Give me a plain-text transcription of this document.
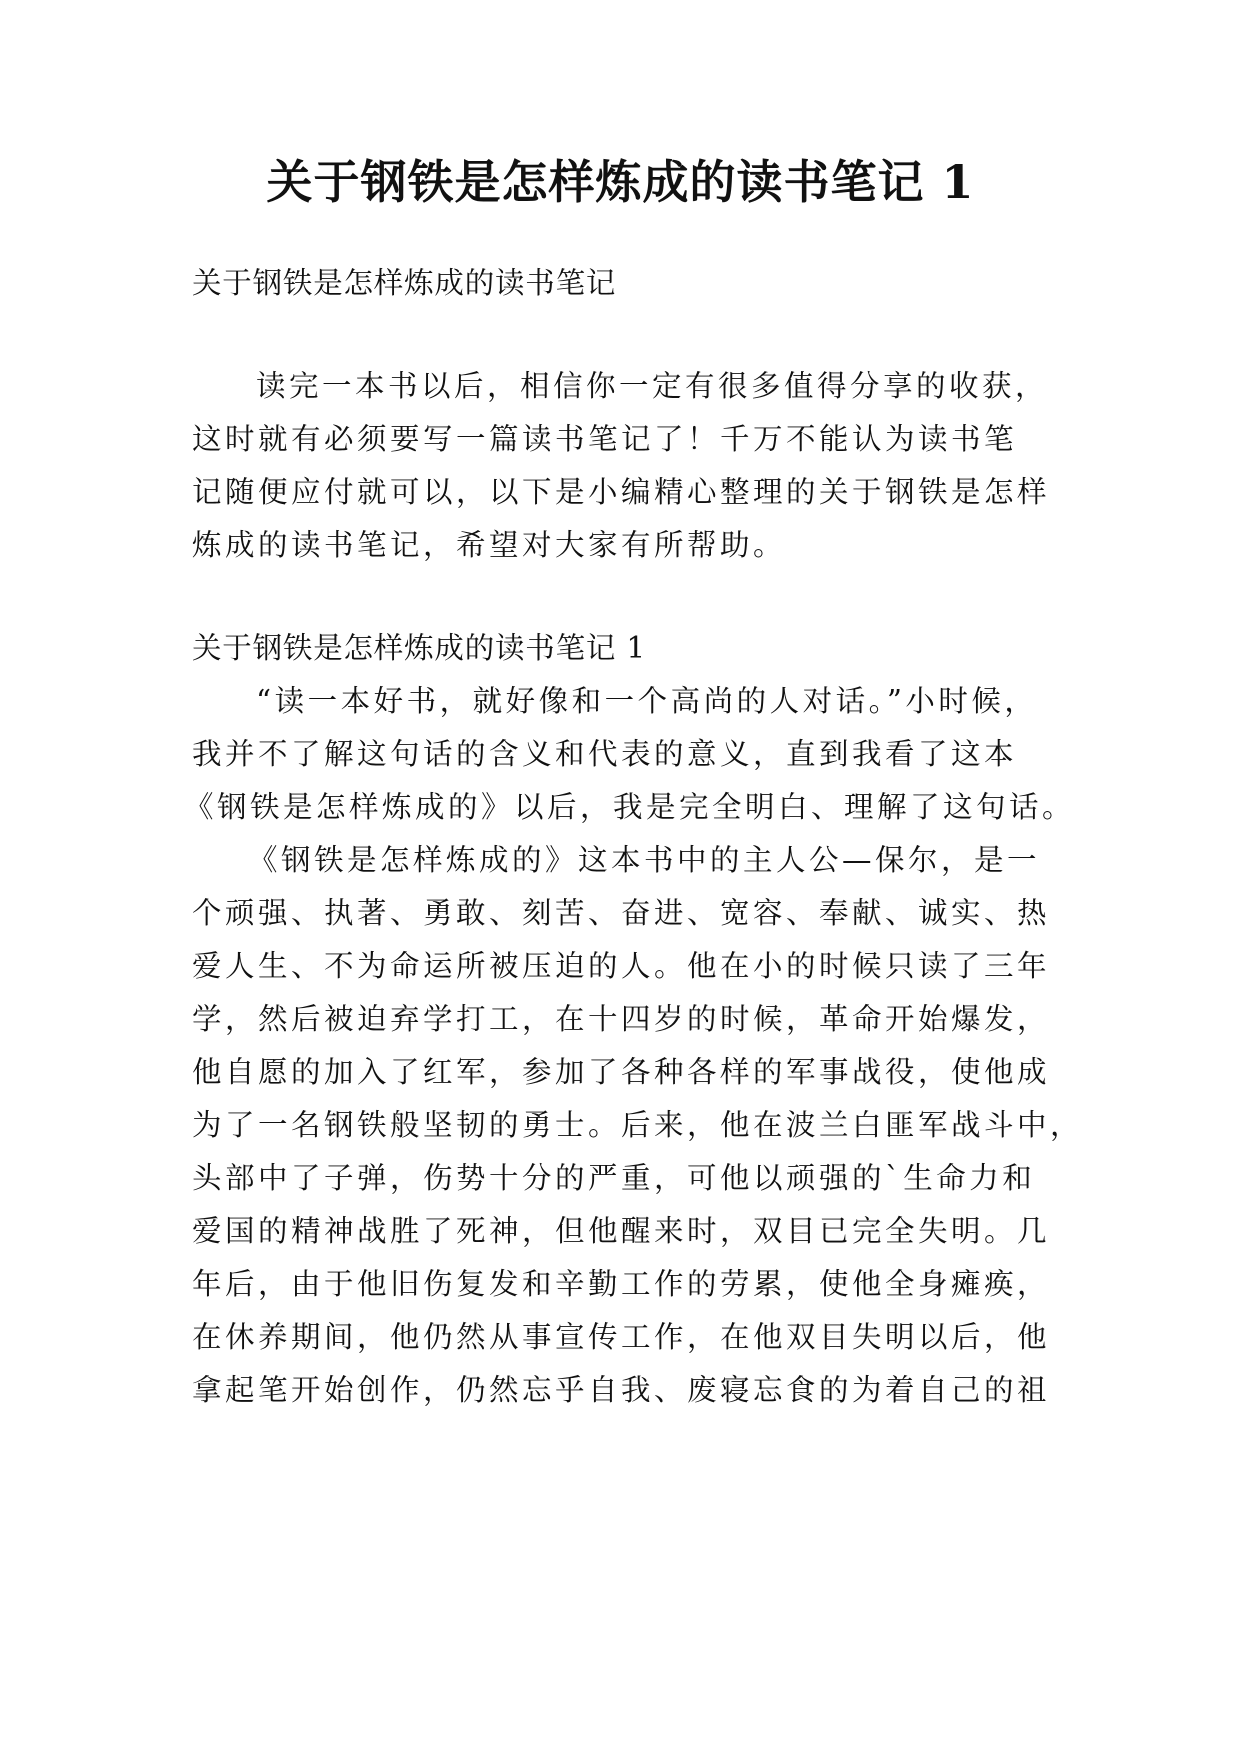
关于钢铁是怎样炼成的读书笔记 1

关于钢铁是怎样炼成的读书笔记

读完一本书以后，相信你一定有很多值得分享的收获，

这时就有必须要写一篇读书笔记了！千万不能认为读书笔

记随便应付就可以，以下是小编精心整理的关于钢铁是怎样

炼成的读书笔记，希望对大家有所帮助。

关于钢铁是怎样炼成的读书笔记 1

“读一本好书，就好像和一个高尚的人对话。”小时候，

我并不了解这句话的含义和代表的意义，直到我看了这本

《钢铁是怎样炼成的》以后，我是完全明白、理解了这句话。

《钢铁是怎样炼成的》这本书中的主人公—保尔，是一

个顽强、执著、勇敢、刻苦、奋进、宽容、奉献、诚实、热

爱人生、不为命运所被压迫的人。他在小的时候只读了三年

学，然后被迫弃学打工，在十四岁的时候，革命开始爆发，

他自愿的加入了红军，参加了各种各样的军事战役，使他成

为了一名钢铁般坚韧的勇士。后来，他在波兰白匪军战斗中，

头部中了子弹，伤势十分的严重，可他以顽强的`生命力和

爱国的精神战胜了死神，但他醒来时，双目已完全失明。几

年后，由于他旧伤复发和辛勤工作的劳累，使他全身瘫痪，

在休养期间，他仍然从事宣传工作，在他双目失明以后，他

拿起笔开始创作，仍然忘乎自我、废寝忘食的为着自己的祖
